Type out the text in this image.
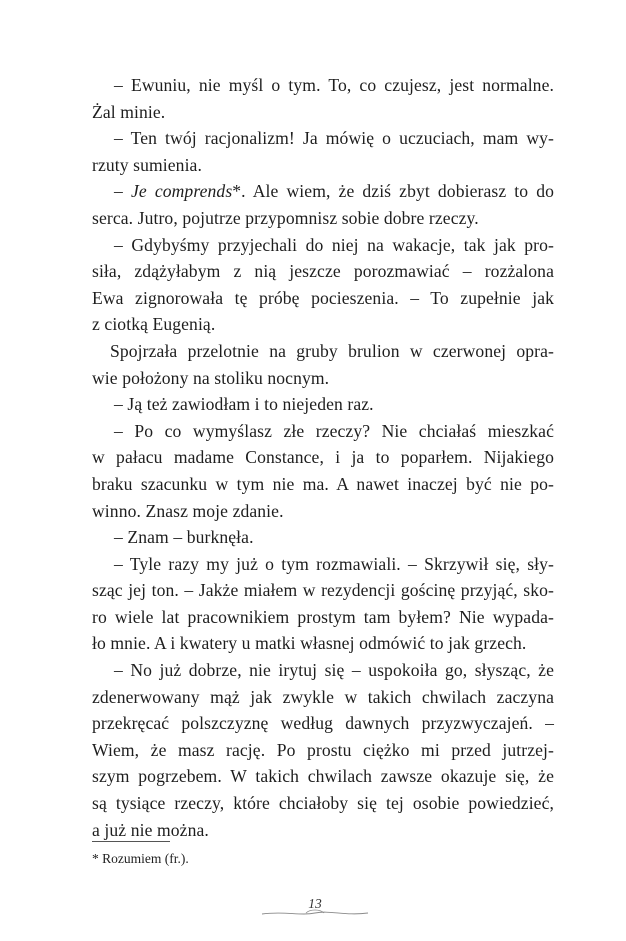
– Ewuniu, nie myśl o tym. To, co czujesz, jest normalne.
Żal minie.
– Ten twój racjonalizm! Ja mówię o uczuciach, mam wy-
rzuty sumienia.
– Je comprends*. Ale wiem, że dziś zbyt dobierasz to do
serca. Jutro, pojutrze przypomnisz sobie dobre rzeczy.
– Gdybyśmy przyjechali do niej na wakacje, tak jak pro-
siła, zdążyłabym z nią jeszcze porozmawiać – rozżalona
Ewa zignorowała tę próbę pocieszenia. – To zupełnie jak
z ciotką Eugenią.
Spojrzała przelotnie na gruby brulion w czerwonej opra-
wie położony na stoliku nocnym.
– Ją też zawiodłam i to niejeden raz.
– Po co wymyślasz złe rzeczy? Nie chciałaś mieszkać
w pałacu madame Constance, i ja to poparłem. Nijakiego
braku szacunku w tym nie ma. A nawet inaczej być nie po-
winno. Znasz moje zdanie.
– Znam – burknęła.
– Tyle razy my już o tym rozmawiali. – Skrzywił się, sły-
sząc jej ton. – Jakże miałem w rezydencji gościnę przyjąć, sko-
ro wiele lat pracownikiem prostym tam byłem? Nie wypada-
ło mnie. A i kwatery u matki własnej odmówić to jak grzech.
– No już dobrze, nie irytuj się – uspokoiła go, słysząc, że
zdenerwowany mąż jak zwykle w takich chwilach zaczyna
przekręcać polszczyznę według dawnych przyzwyczajeń. –
Wiem, że masz rację. Po prostu ciężko mi przed jutrzej-
szym pogrzebem. W takich chwilach zawsze okazuje się, że
są tysiące rzeczy, które chciałoby się tej osobie powiedzieć,
a już nie można.
* Rozumiem (fr.).
13
